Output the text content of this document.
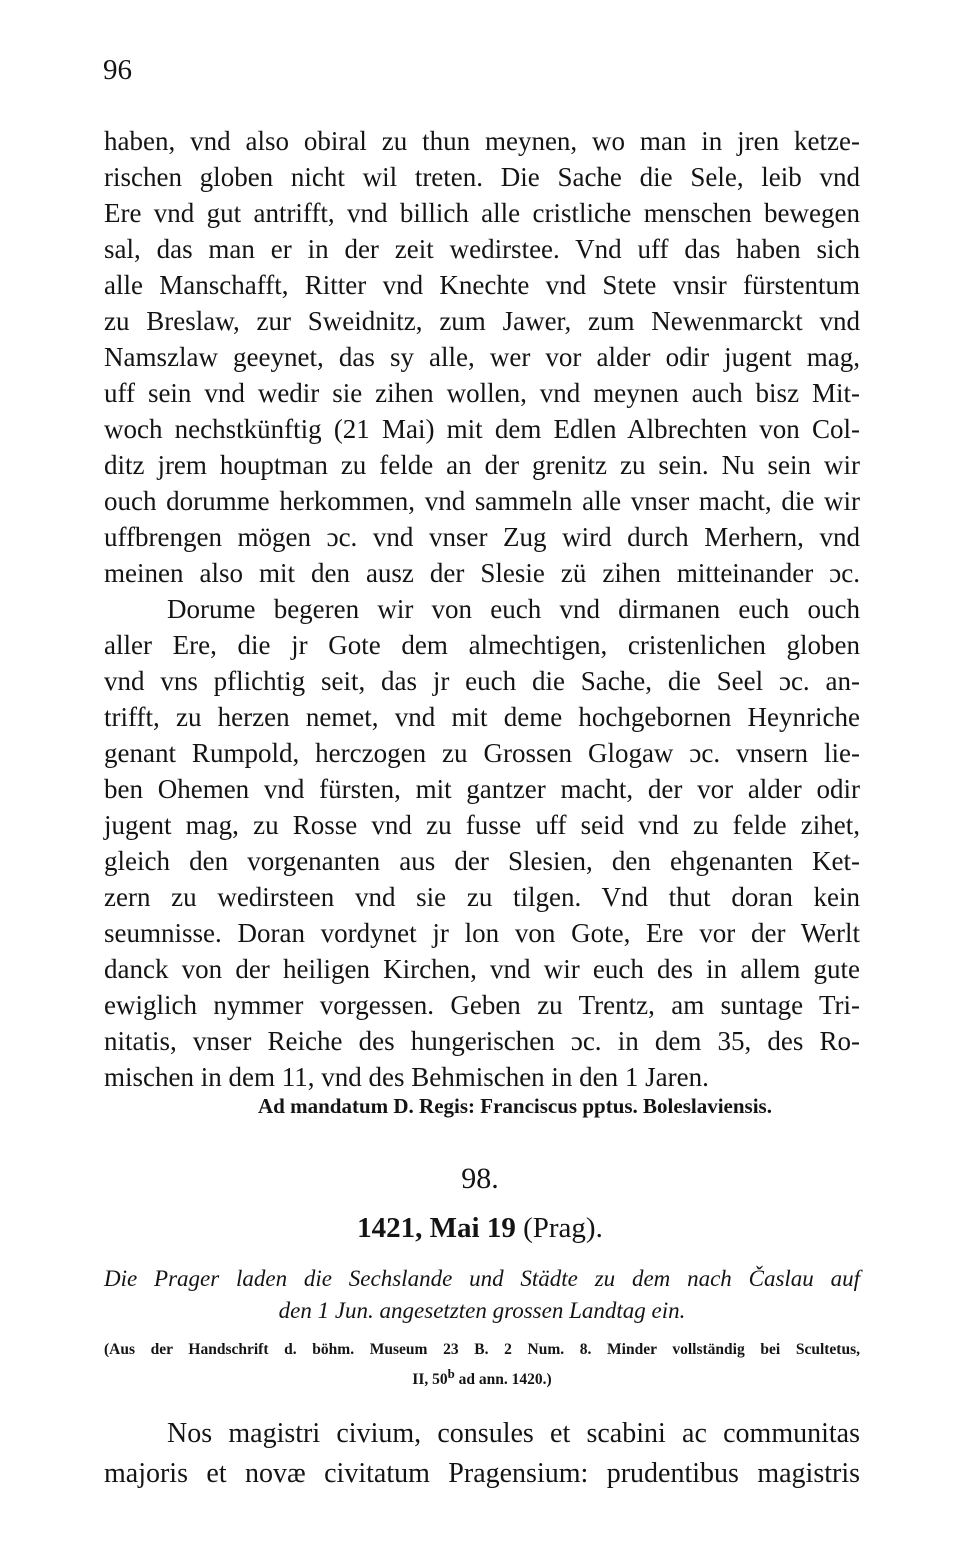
96
haben, vnd also obiral zu thun meynen, wo man in jren ketze-
rischen globen nicht wil treten. Die Sache die Sele, leib vnd
Ere vnd gut antrifft, vnd billich alle cristliche menschen bewegen
sal, das man er in der zeit wedirstee. Vnd uff das haben sich
alle Manschafft, Ritter vnd Knechte vnd Stete vnsir fürstentum
zu Breslaw, zur Sweidnitz, zum Jawer, zum Newenmarckt vnd
Namszlaw geeynet, das sy alle, wer vor alder odir jugent mag,
uff sein vnd wedir sie zihen wollen, vnd meynen auch bisz Mit-
woch nechstkünftig (21 Mai) mit dem Edlen Albrechten von Col-
ditz jrem houptman zu felde an der grenitz zu sein. Nu sein wir
ouch dorumme herkommen, vnd sammeln alle vnser macht, die wir
uffbrengen mögen ɔc. vnd vnser Zug wird durch Merhern, vnd
meinen also mit den ausz der Slesie zü zihen mitteinander ɔc.
Dorume begeren wir von euch vnd dirmanen euch ouch
aller Ere, die jr Gote dem almechtigen, cristenlichen globen
vnd vns pflichtig seit, das jr euch die Sache, die Seel ɔc. an-
trifft, zu herzen nemet, vnd mit deme hochgebornen Heynriche
genant Rumpold, herczogen zu Grossen Glogaw ɔc. vnsern lie-
ben Ohemen vnd fürsten, mit gantzer macht, der vor alder odir
jugent mag, zu Rosse vnd zu fusse uff seid vnd zu felde zihet,
gleich den vorgenanten aus der Slesien, den ehgenanten Ket-
zern zu wedirsteen vnd sie zu tilgen. Vnd thut doran kein
seumnisse. Doran vordynet jr lon von Gote, Ere vor der Werlt
danck von der heiligen Kirchen, vnd wir euch des in allem gute
ewiglich nymmer vorgessen. Geben zu Trentz, am suntage Tri-
nitatis, vnser Reiche des hungerischen ɔc. in dem 35, des Ro-
mischen in dem 11, vnd des Behmischen in den 1 Jaren.
Ad mandatum D. Regis: Franciscus pptus. Boleslaviensis.
98.
1421, Mai 19 (Prag).
Die Prager laden die Sechslande und Städte zu dem nach Časlau auf
den 1 Jun. angesetzten grossen Landtag ein.
(Aus der Handschrift d. böhm. Museum 23 B. 2 Num. 8. Minder vollständig bei Scultetus,
II, 50$^b$ ad ann. 1420.)
Nos magistri civium, consules et scabini ac communitas
majoris et novæ civitatum Pragensium: prudentibus magistris
